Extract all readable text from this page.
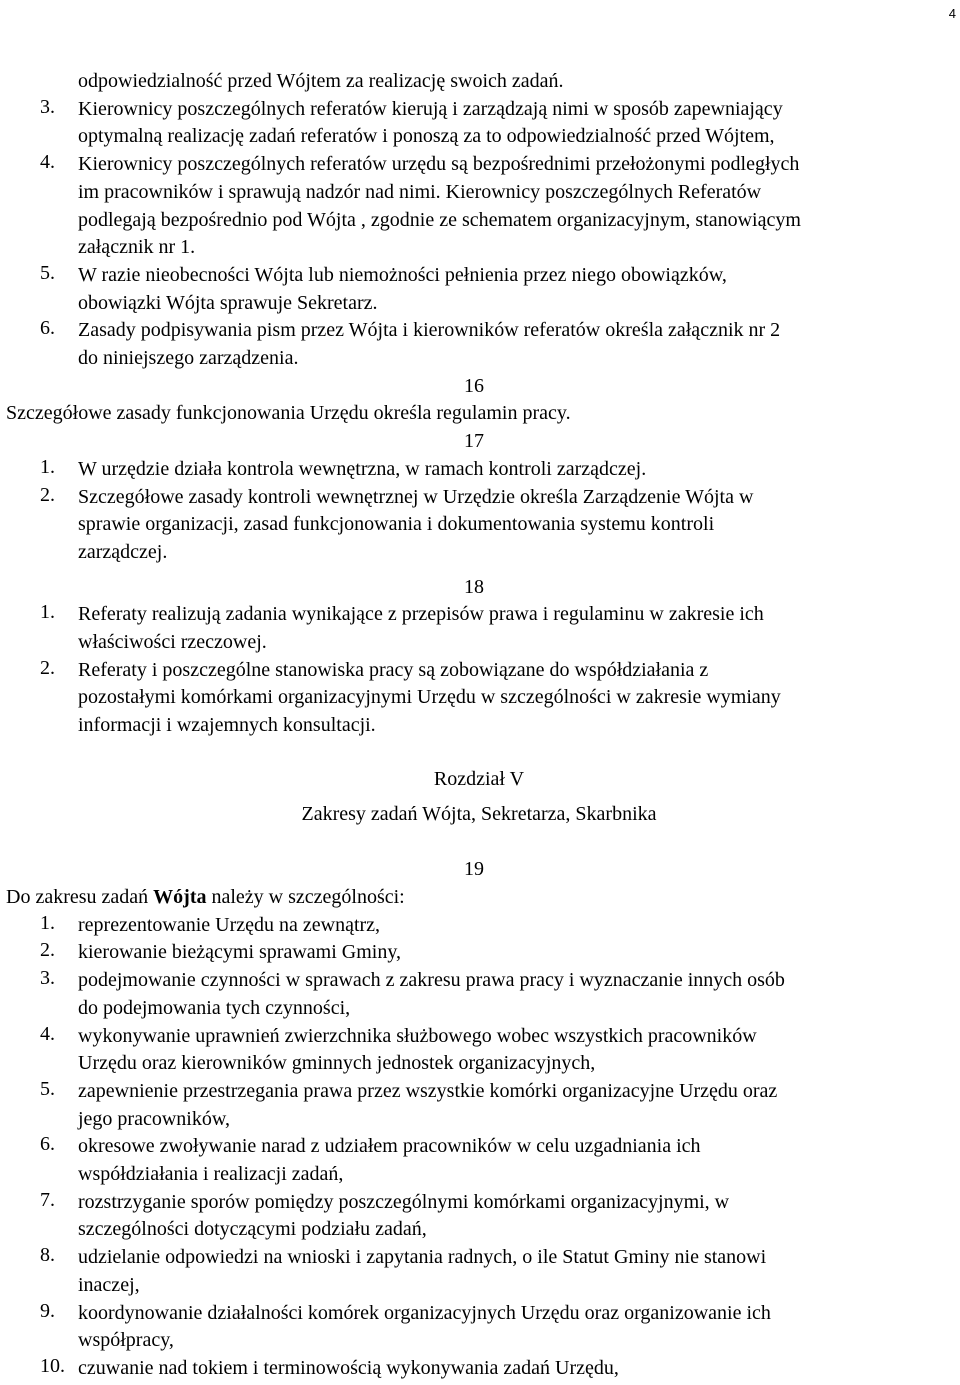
4
odpowiedzialność przed Wójtem za realizację swoich zadań.
3. Kierownicy poszczególnych referatów kierują i zarządzają nimi w sposób zapewniający
optymalną realizację zadań referatów i ponoszą za to odpowiedzialność przed Wójtem,
4. Kierownicy poszczególnych referatów urzędu są bezpośrednimi przełożonymi podległych
im pracowników i sprawują nadzór nad nimi. Kierownicy poszczególnych Referatów
podlegają bezpośrednio pod Wójta , zgodnie ze schematem organizacyjnym, stanowiącym
załącznik nr 1.
5. W razie nieobecności Wójta lub niemożności pełnienia przez niego obowiązków,
obowiązki Wójta sprawuje Sekretarz.
6. Zasady podpisywania pism przez Wójta i kierowników referatów określa załącznik nr 2
do niniejszego zarządzenia.
16
Szczegółowe zasady funkcjonowania Urzędu określa regulamin pracy.
17
1. W urzędzie działa kontrola wewnętrzna, w ramach kontroli zarządczej.
2. Szczegółowe zasady kontroli wewnętrznej w Urzędzie określa Zarządzenie Wójta w
sprawie organizacji, zasad funkcjonowania i dokumentowania systemu kontroli
zarządczej.
18
1. Referaty realizują zadania wynikające z przepisów prawa i regulaminu w zakresie ich
właściwości rzeczowej.
2. Referaty i poszczególne stanowiska pracy są zobowiązane do współdziałania z
pozostałymi komórkami organizacyjnymi Urzędu w szczególności w zakresie wymiany
informacji i wzajemnych konsultacji.
Rozdział V
Zakresy zadań Wójta, Sekretarza, Skarbnika
19
Do zakresu zadań Wójta należy w szczególności:
1. reprezentowanie Urzędu na zewnątrz,
2. kierowanie bieżącymi sprawami Gminy,
3. podejmowanie czynności w sprawach z zakresu prawa pracy i wyznaczanie innych osób
do podejmowania tych czynności,
4. wykonywanie uprawnień zwierzchnika służbowego wobec wszystkich pracowników
Urzędu oraz kierowników gminnych jednostek organizacyjnych,
5. zapewnienie przestrzegania prawa przez wszystkie komórki organizacyjne Urzędu oraz
jego pracowników,
6. okresowe zwoływanie narad z udziałem pracowników w celu uzgadniania ich
współdziałania i realizacji zadań,
7. rozstrzyganie sporów pomiędzy poszczególnymi komórkami organizacyjnymi, w
szczególności dotyczącymi podziału zadań,
8. udzielanie odpowiedzi na wnioski i zapytania radnych, o ile Statut Gminy nie stanowi
inaczej,
9. koordynowanie działalności komórek organizacyjnych Urzędu oraz organizowanie ich
współpracy,
10. czuwanie nad tokiem i terminowością wykonywania zadań Urzędu,
